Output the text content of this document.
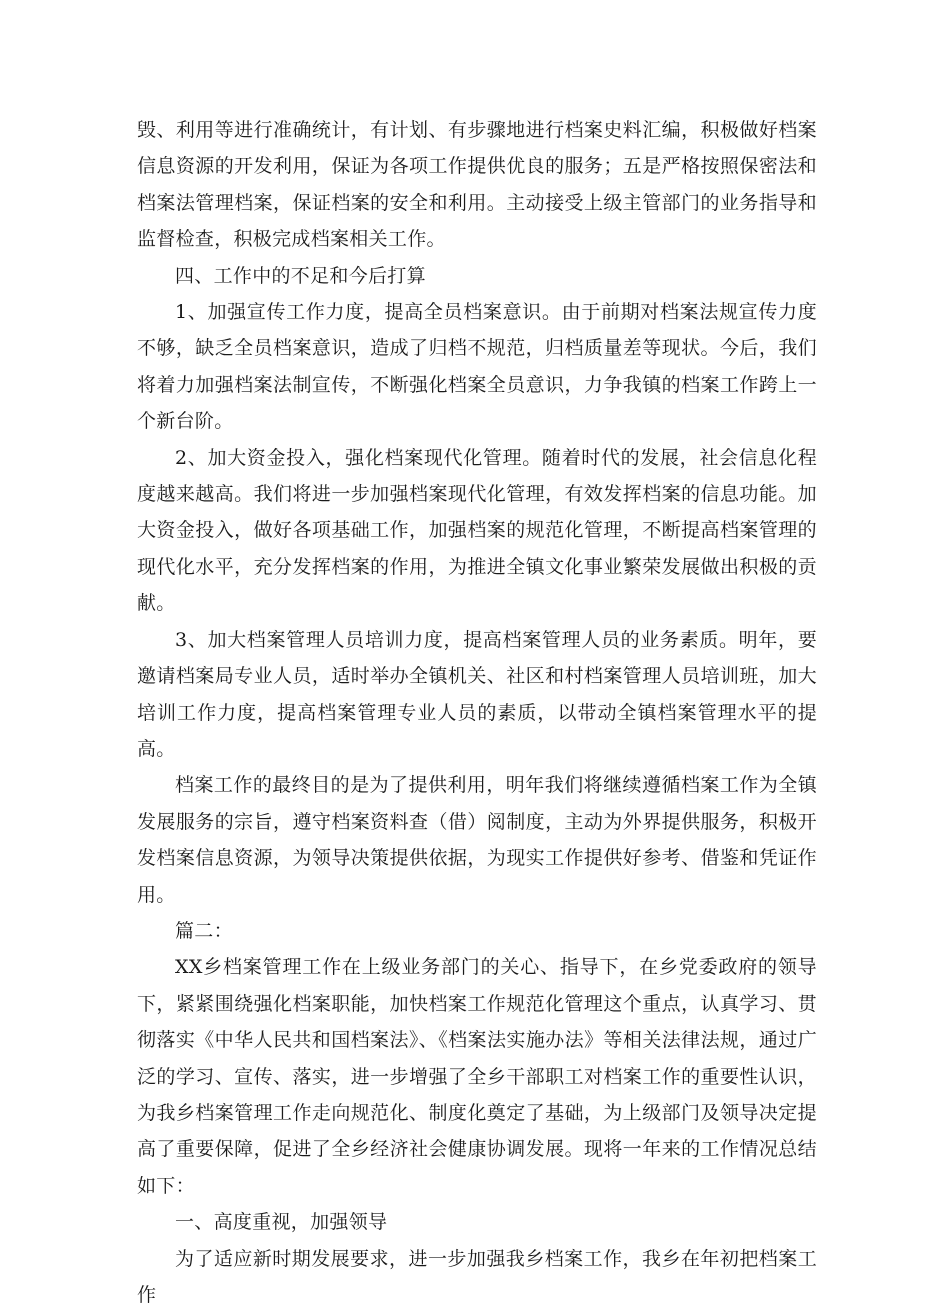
毁、利用等进行准确统计，有计划、有步骤地进行档案史料汇编，积极做好档案信息资源的开发利用，保证为各项工作提供优良的服务；五是严格按照保密法和档案法管理档案，保证档案的安全和利用。主动接受上级主管部门的业务指导和监督检查，积极完成档案相关工作。

四、工作中的不足和今后打算

1、加强宣传工作力度，提高全员档案意识。由于前期对档案法规宣传力度不够，缺乏全员档案意识，造成了归档不规范，归档质量差等现状。今后，我们将着力加强档案法制宣传，不断强化档案全员意识，力争我镇的档案工作跨上一个新台阶。

2、加大资金投入，强化档案现代化管理。随着时代的发展，社会信息化程度越来越高。我们将进一步加强档案现代化管理，有效发挥档案的信息功能。加大资金投入，做好各项基础工作，加强档案的规范化管理，不断提高档案管理的现代化水平，充分发挥档案的作用，为推进全镇文化事业繁荣发展做出积极的贡献。

3、加大档案管理人员培训力度，提高档案管理人员的业务素质。明年，要邀请档案局专业人员，适时举办全镇机关、社区和村档案管理人员培训班，加大培训工作力度，提高档案管理专业人员的素质，以带动全镇档案管理水平的提高。

档案工作的最终目的是为了提供利用，明年我们将继续遵循档案工作为全镇发展服务的宗旨，遵守档案资料查（借）阅制度，主动为外界提供服务，积极开发档案信息资源，为领导决策提供依据，为现实工作提供好参考、借鉴和凭证作用。

篇二：

XX乡档案管理工作在上级业务部门的关心、指导下，在乡党委政府的领导下，紧紧围绕强化档案职能，加快档案工作规范化管理这个重点，认真学习、贯彻落实《中华人民共和国档案法》、《档案法实施办法》等相关法律法规，通过广泛的学习、宣传、落实，进一步增强了全乡干部职工对档案工作的重要性认识，为我乡档案管理工作走向规范化、制度化奠定了基础，为上级部门及领导决定提高了重要保障，促进了全乡经济社会健康协调发展。现将一年来的工作情况总结如下：

一、高度重视，加强领导

为了适应新时期发展要求，进一步加强我乡档案工作，我乡在年初把档案工作
